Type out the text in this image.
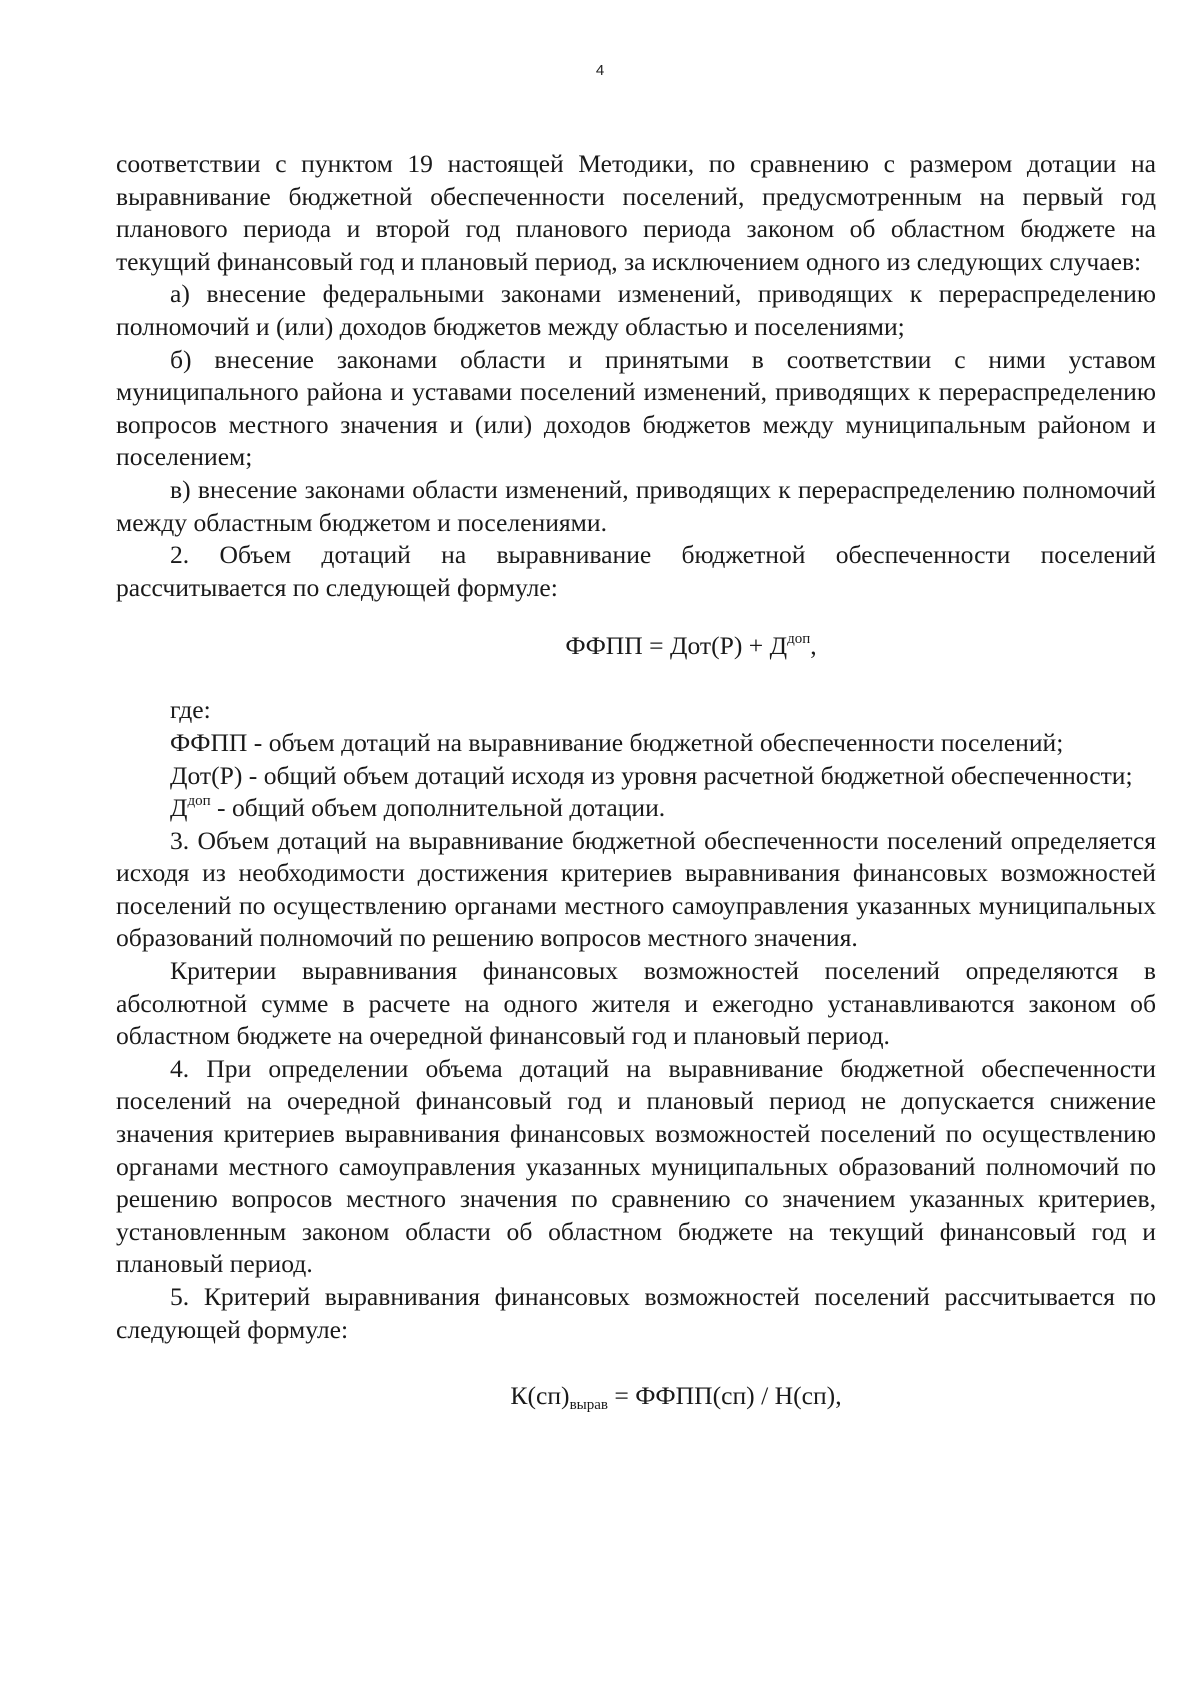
4

соответствии с пунктом 19 настоящей Методики, по сравнению с размером дотации на выравнивание бюджетной обеспеченности поселений, предусмотренным на первый год планового периода и второй год планового периода законом об областном бюджете на текущий финансовый год и плановый период, за исключением одного из следующих случаев:

а) внесение федеральными законами изменений, приводящих к перераспределению полномочий и (или) доходов бюджетов между областью и поселениями;

б) внесение законами области и принятыми в соответствии с ними уставом муниципального района и уставами поселений изменений, приводящих к перераспределению вопросов местного значения и (или) доходов бюджетов между муниципальным районом и поселением;

в) внесение законами области изменений, приводящих к перераспределению полномочий между областным бюджетом и поселениями.

2. Объем дотаций на выравнивание бюджетной обеспеченности поселений рассчитывается по следующей формуле:

ФФПП = $Дот(Р) + Д^{доп}$,

где:

ФФПП - объем дотаций на выравнивание бюджетной обеспеченности поселений;

Дот(Р) - общий объем дотаций исходя из уровня расчетной бюджетной обеспеченности;

$Д^{доп}$ - общий объем дополнительной дотации.

3. Объем дотаций на выравнивание бюджетной обеспеченности поселений определяется исходя из необходимости достижения критериев выравнивания финансовых возможностей поселений по осуществлению органами местного самоуправления указанных муниципальных образований полномочий по решению вопросов местного значения.

Критерии выравнивания финансовых возможностей поселений определяются в абсолютной сумме в расчете на одного жителя и ежегодно устанавливаются законом об областном бюджете на очередной финансовый год и плановый период.

4. При определении объема дотаций на выравнивание бюджетной обеспеченности поселений на очередной финансовый год и плановый период не допускается снижение значения критериев выравнивания финансовых возможностей поселений по осуществлению органами местного самоуправления указанных муниципальных образований полномочий по решению вопросов местного значения по сравнению со значением указанных критериев, установленным законом области об областном бюджете на текущий финансовый год и плановый период.

5. Критерий выравнивания финансовых возможностей поселений рассчитывается по следующей формуле:

$К(сп)_{вырав}$ = ФФПП(сп) / Н(сп),
